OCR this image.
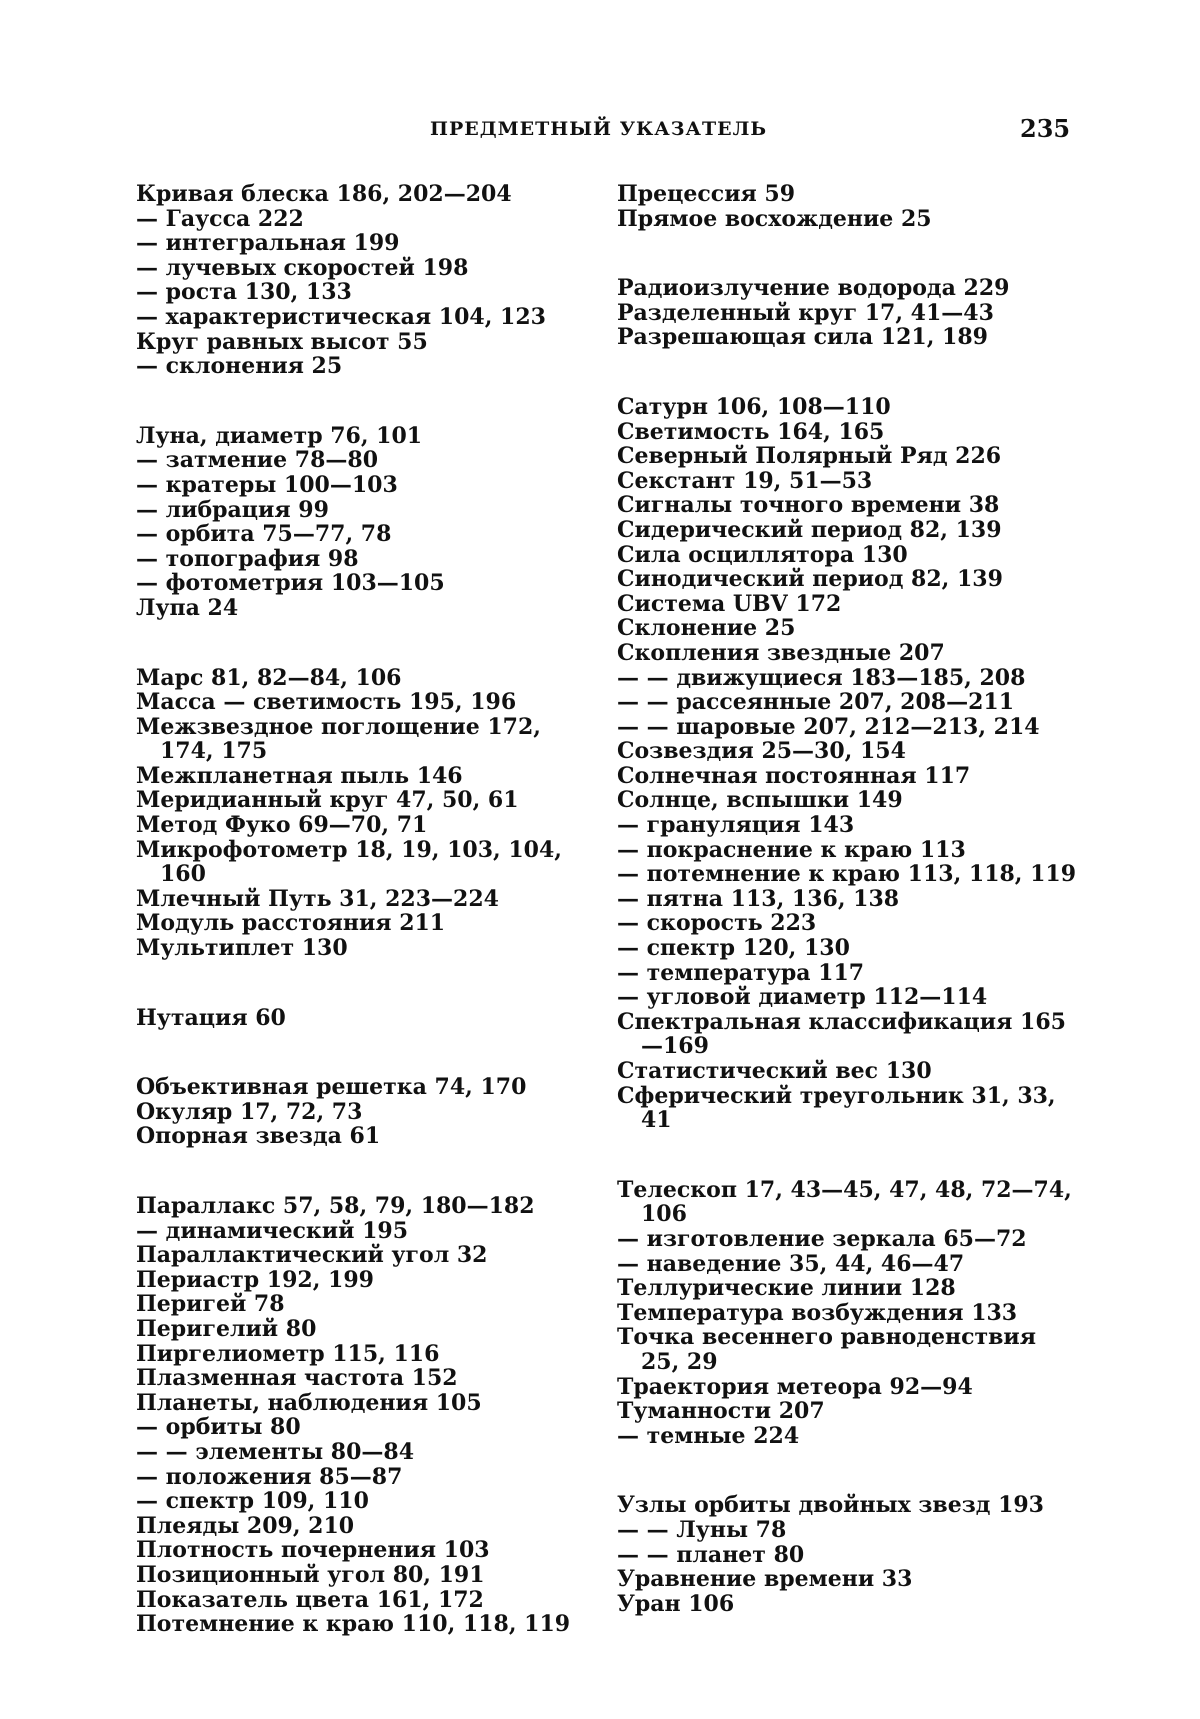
ПРЕДМЕТНЫЙ УКАЗАТЕЛЬ	235
Кривая блеска 186, 202—204
— Гаусса 222
— интегральная 199
— лучевых скоростей 198
— роста 130, 133
— характеристическая 104, 123
Круг равных высот 55
— склонения 25
Луна, диаметр 76, 101
— затмение 78—80
— кратеры 100—103
— либрация 99
— орбита 75—77, 78
— топография 98
— фотометрия 103—105
Лупа 24
Марс 81, 82—84, 106
Масса — светимость 195, 196
Межзвездное поглощение 172, 174, 175
Межпланетная пыль 146
Меридианный круг 47, 50, 61
Метод Фуко 69—70, 71
Микрофотометр 18, 19, 103, 104, 160
Млечный Путь 31, 223—224
Модуль расстояния 211
Мультиплет 130
Нутация 60
Объективная решетка 74, 170
Окуляр 17, 72, 73
Опорная звезда 61
Параллакс 57, 58, 79, 180—182
— динамический 195
Параллактический угол 32
Периастр 192, 199
Перигей 78
Перигелий 80
Пиргелиометр 115, 116
Плазменная частота 152
Планеты, наблюдения 105
— орбиты 80
— — элементы 80—84
— положения 85—87
— спектр 109, 110
Плеяды 209, 210
Плотность почернения 103
Позиционный угол 80, 191
Показатель цвета 161, 172
Потемнение к краю 110, 118, 119
Прецессия 59
Прямое восхождение 25
Радиоизлучение водорода 229
Разделенный круг 17, 41—43
Разрешающая сила 121, 189
Сатурн 106, 108—110
Светимость 164, 165
Северный Полярный Ряд 226
Секстант 19, 51—53
Сигналы точного времени 38
Сидерический период 82, 139
Сила осциллятора 130
Синодический период 82, 139
Система UBV 172
Склонение 25
Скопления звездные 207
— — движущиеся 183—185, 208
— — рассеянные 207, 208—211
— — шаровые 207, 212—213, 214
Созвездия 25—30, 154
Солнечная постоянная 117
Солнце, вспышки 149
— грануляция 143
— покраснение к краю 113
— потемнение к краю 113, 118, 119
— пятна 113, 136, 138
— скорость 223
— спектр 120, 130
— температура 117
— угловой диаметр 112—114
Спектральная классификация 165—169
Статистический вес 130
Сферический треугольник 31, 33, 41
Телескоп 17, 43—45, 47, 48, 72—74, 106
— изготовление зеркала 65—72
— наведение 35, 44, 46—47
Теллурические линии 128
Температура возбуждения 133
Точка весеннего равноденствия 25, 29
Траектория метеора 92—94
Туманности 207
— темные 224
Узлы орбиты двойных звезд 193
— — Луны 78
— — планет 80
Уравнение времени 33
Уран 106
